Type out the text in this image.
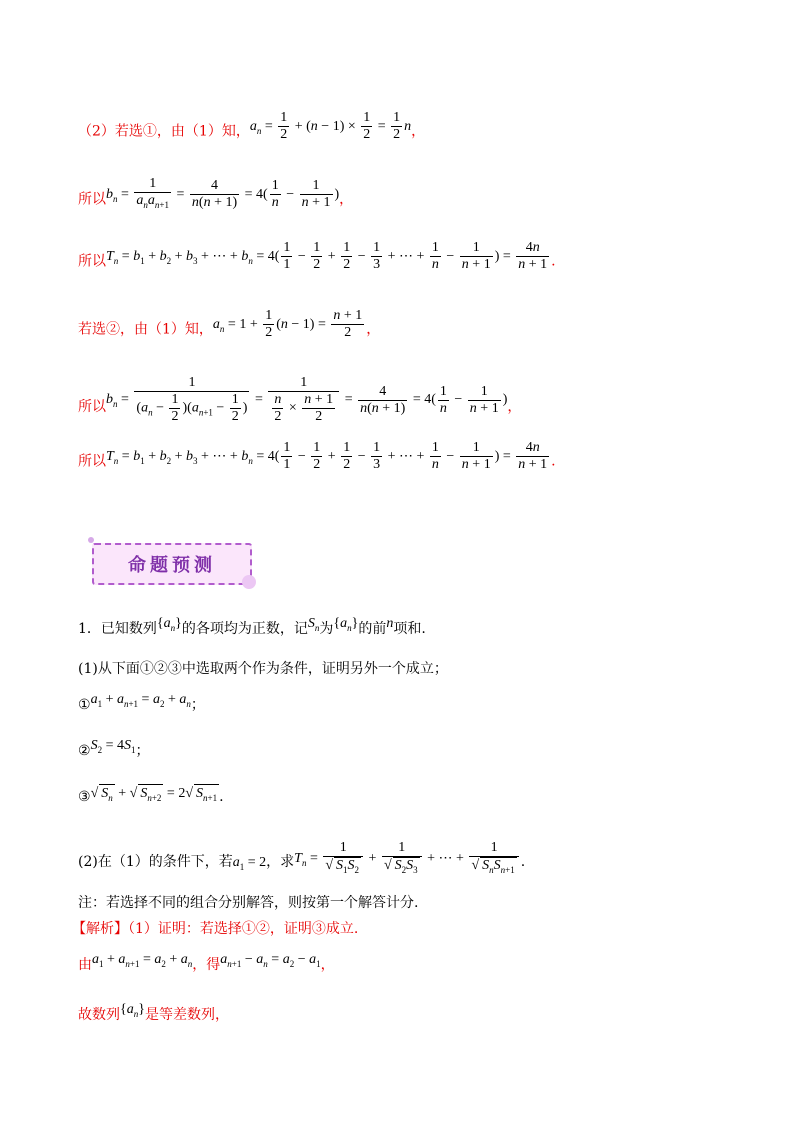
（2）若选①，由（1）知，$a_n = \frac{1}{2} + (n - 1) \times \frac{1}{2} = \frac{1}{2}$ n，
所以$b_n = \frac{1}{a_na_{n+1}} = \frac{4}{n(n + 1)} = 4( \frac{1}{n} - \frac{1}{n + 1}$ )，
所以$T_n = b_1 + b_2 + b_3$ + ⋯ + $b_n = 4( \frac{1}{1} - \frac{1}{2} + \frac{1}{2} - \frac{1}{3}$ + ⋯ + $\frac{1}{n} - \frac{1}{n + 1}$ ) = $\frac{4n}{n + 1}$ .
若选②，由（1）知，$a_n = 1 + \frac{1}{2} (n - 1) = \frac{n + 1}{2}$ ，
所以$b_n = \frac{1}{(a_n - \frac{1}{2} )(a_{n+1} - \frac{1}{2} )} = \frac{1}{\frac{n}{2} \times \frac{n + 1}{2}} = \frac{4}{n(n + 1)} = 4( \frac{1}{n} - \frac{1}{n + 1}$ )，
所以$T_n = b_1 + b_2 + b_3$ + ⋯ + $b_n = 4( \frac{1}{1} - \frac{1}{2} + \frac{1}{2} - \frac{1}{3}$ + ⋯ + $\frac{1}{n} - \frac{1}{n + 1}$ ) = $\frac{4n}{n + 1}$ .
命题预测
1．已知数列$\{a_n\}$的各项均为正数，记$S_n$为$\{a_n\}$的前n项和.
(1)从下面①②③中选取两个作为条件，证明另外一个成立；
$①a_1 + a_{n+1} = a_2 + a_n$；
$②S_2 = 4S_1$；
③√ $S_n$ + √ $S_{n+2} = 2√$ $S_{n+1}$ .
(2)在（1）的条件下，若$a_1 = 2$，求$T_n = \frac{1}{√ S_1S_2} + \frac{1}{√ S_2S_3}$ + ⋯ + $\frac{1}{√ S_nS_{n+1}}$ .
注：若选择不同的组合分别解答，则按第一个解答计分.
【解析】（1）证明：若选择①②，证明③成立.
由$a_1 + a_{n+1} = a_2 + a_n$，得$a_{n+1} - a_n = a_2 - a_1$，
故数列$\{a_n\}$是等差数列，
